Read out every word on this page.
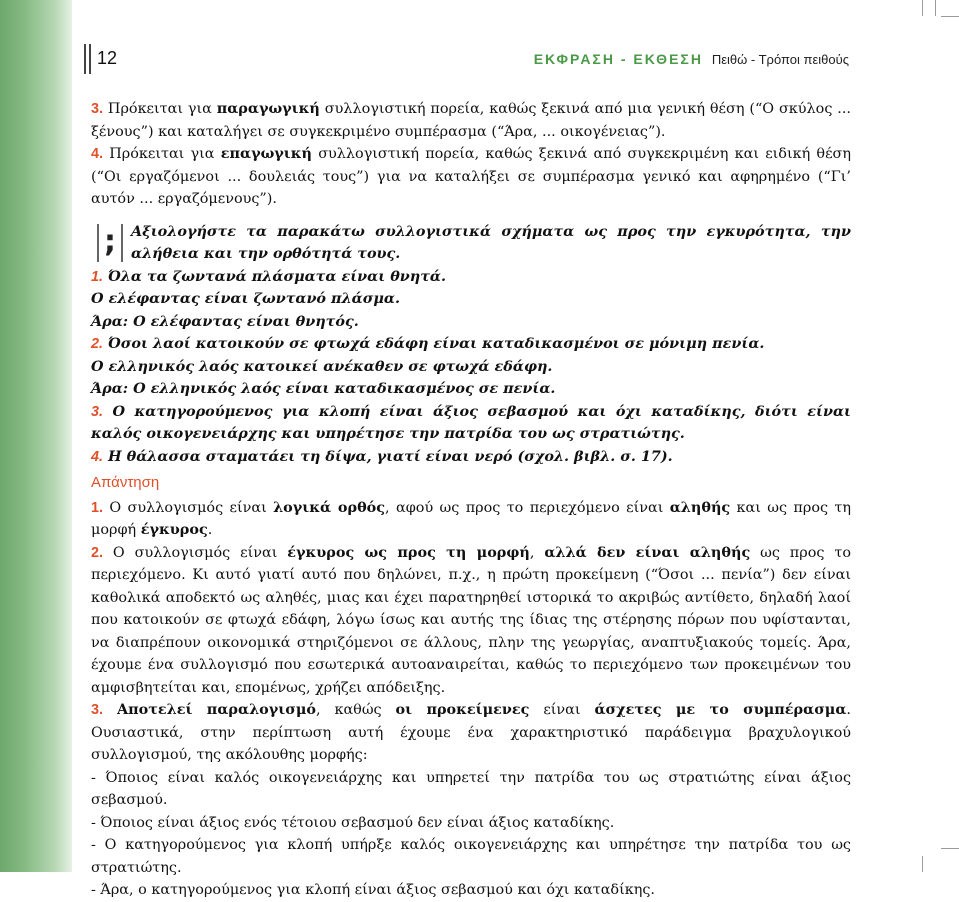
12	ΕΚΦΡΑΣΗ - ΕΚΘΕΣΗ Πειθώ - Τρόποι πειθούς

3. Πρόκειται για παραγωγική συλλογιστική πορεία, καθώς ξεκινά από μια γενική θέση (“Ο σκύλος ... ξένους”) και καταλήγει σε συγκεκριμένο συμπέρασμα (“Άρα, ... οικογένειας”).

4. Πρόκειται για επαγωγική συλλογιστική πορεία, καθώς ξεκινά από συγκεκριμένη και ειδική θέση (“Οι εργαζόμενοι ... δουλειάς τους”) για να καταλήξει σε συμπέρασμα γενικό και αφηρημένο (“Γι’ αυτόν ... εργαζόμενους”).

;	Αξιολογήστε τα παρακάτω συλλογιστικά σχήματα ως προς την εγκυρότητα, την αλήθεια και την ορθότητά τους.

1. Όλα τα ζωντανά πλάσματα είναι θνητά.

Ο ελέφαντας είναι ζωντανό πλάσμα.

Άρα: Ο ελέφαντας είναι θνητός.

2. Όσοι λαοί κατοικούν σε φτωχά εδάφη είναι καταδικασμένοι σε μόνιμη πενία.

Ο ελληνικός λαός κατοικεί ανέκαθεν σε φτωχά εδάφη.

Άρα: Ο ελληνικός λαός είναι καταδικασμένος σε πενία.

3. Ο κατηγορούμενος για κλοπή είναι άξιος σεβασμού και όχι καταδίκης, διότι είναι καλός οικογενειάρχης και υπηρέτησε την πατρίδα του ως στρατιώτης.

4. Η θάλασσα σταματάει τη δίψα, γιατί είναι νερό (σχολ. βιβλ. σ. 17).

Απάντηση

1. Ο συλλογισμός είναι λογικά ορθός, αφού ως προς το περιεχόμενο είναι αληθής και ως προς τη μορφή έγκυρος.

2. Ο συλλογισμός είναι έγκυρος ως προς τη μορφή, αλλά δεν είναι αληθής ως προς το περιεχόμενο. Κι αυτό γιατί αυτό που δηλώνει, π.χ., η πρώτη προκείμενη (“Όσοι ... πενία”) δεν είναι καθολικά αποδεκτό ως αληθές, μιας και έχει παρατηρηθεί ιστορικά το ακριβώς αντίθετο, δηλαδή λαοί που κατοικούν σε φτωχά εδάφη, λόγω ίσως και αυτής της ίδιας της στέρησης πόρων που υφίστανται, να διαπρέπουν οικονομικά στηριζόμενοι σε άλλους, πλην της γεωργίας, αναπτυξιακούς τομείς. Άρα, έχουμε ένα συλλογισμό που εσωτερικά αυτοαναιρείται, καθώς το περιεχόμενο των προκειμένων του αμφισβητείται και, επομένως, χρήζει απόδειξης.

3. Αποτελεί παραλογισμό, καθώς οι προκείμενες είναι άσχετες με το συμπέρασμα. Ουσιαστικά, στην περίπτωση αυτή έχουμε ένα χαρακτηριστικό παράδειγμα βραχυλογικού συλλογισμού, της ακόλουθης μορφής:

- Όποιος είναι καλός οικογενειάρχης και υπηρετεί την πατρίδα του ως στρατιώτης είναι άξιος σεβασμού.

- Όποιος είναι άξιος ενός τέτοιου σεβασμού δεν είναι άξιος καταδίκης.

- Ο κατηγορούμενος για κλοπή υπήρξε καλός οικογενειάρχης και υπηρέτησε την πατρίδα του ως στρατιώτης.

- Άρα, ο κατηγορούμενος για κλοπή είναι άξιος σεβασμού και όχι καταδίκης.
